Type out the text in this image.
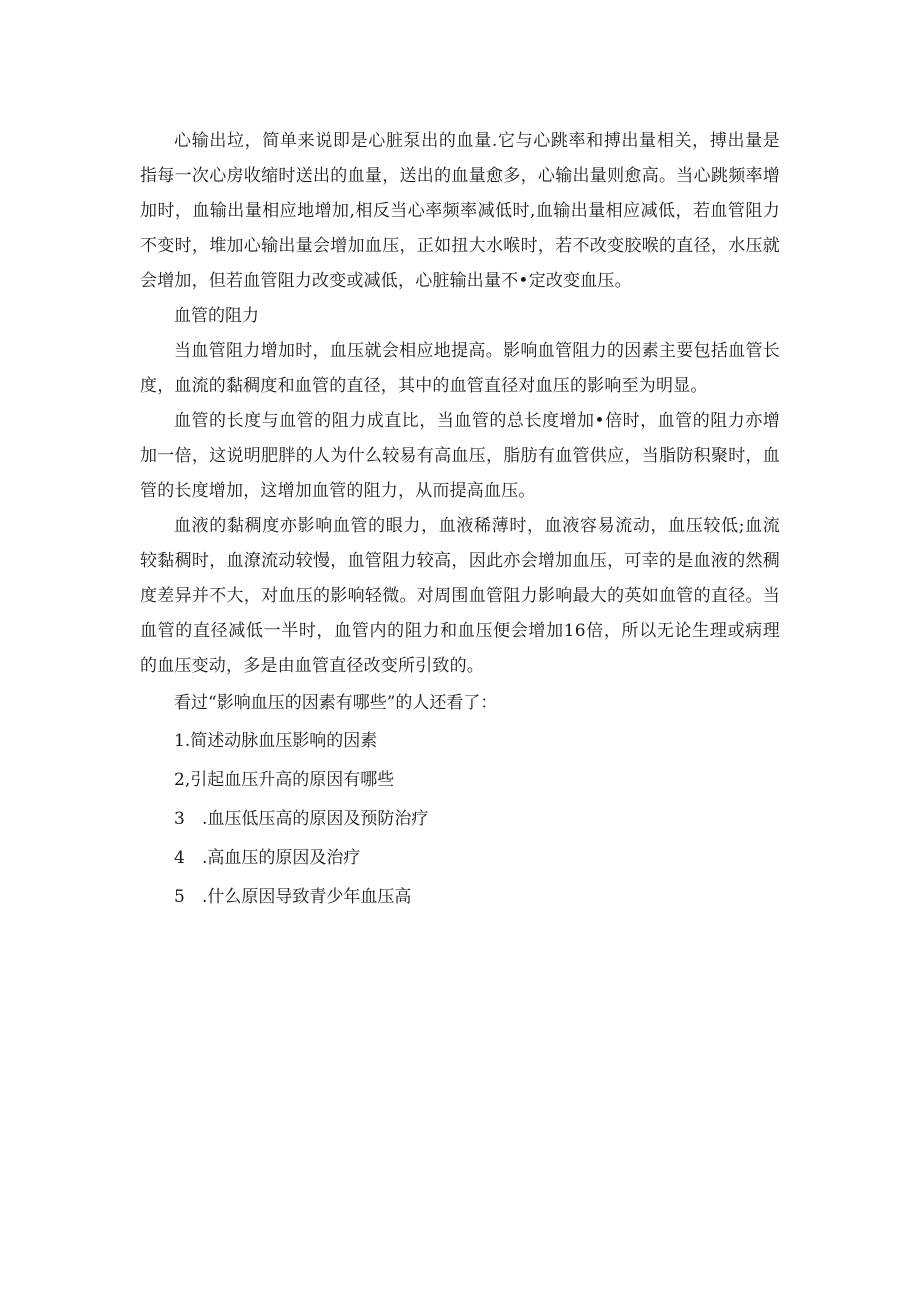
心输出垃，简单来说即是心脏泵出的血量.它与心跳率和搏出量相关，搏出量是指每一次心房收缩时送出的血量，送出的血量愈多，心输出量则愈高。当心跳频率增加时，血输出量相应地增加,相反当心率频率减低时,血输出量相应减低，若血管阻力不变时，堆加心输出量会增加血压，正如扭大水喉时，若不改变胶喉的直径，水压就会增加，但若血管阻力改变或减低，心脏输出量不•定改变血压。

血管的阻力

当血管阻力增加时，血压就会相应地提高。影响血管阻力的因素主要包括血管长度，血流的黏稠度和血管的直径，其中的血管直径对血压的影响至为明显。

血管的长度与血管的阻力成直比，当血管的总长度增加•倍时，血管的阻力亦增加一倍，这说明肥胖的人为什么较易有高血压，脂肪有血管供应，当脂防积聚时，血管的长度增加，这增加血管的阻力，从而提高血压。

血液的黏稠度亦影响血管的眼力，血液稀薄时，血液容易流动，血压较低;血流较黏稠时，血潦流动较慢，血管阻力较高，因此亦会增加血压，可幸的是血液的然稠度差异并不大，对血压的影响轻微。对周围血管阻力影响最大的英如血管的直径。当血管的直径减低一半时，血管内的阻力和血压便会增加16倍，所以无论生理或病理的血压变动，多是由血管直径改变所引致的。

看过“影响血压的因素有哪些”的人还看了：

1.简述动脉血压影响的因素
2,引起血压升高的原因有哪些
3 .血压低压高的原因及预防治疗
4 .高血压的原因及治疗
5 .什么原因导致青少年血压高
